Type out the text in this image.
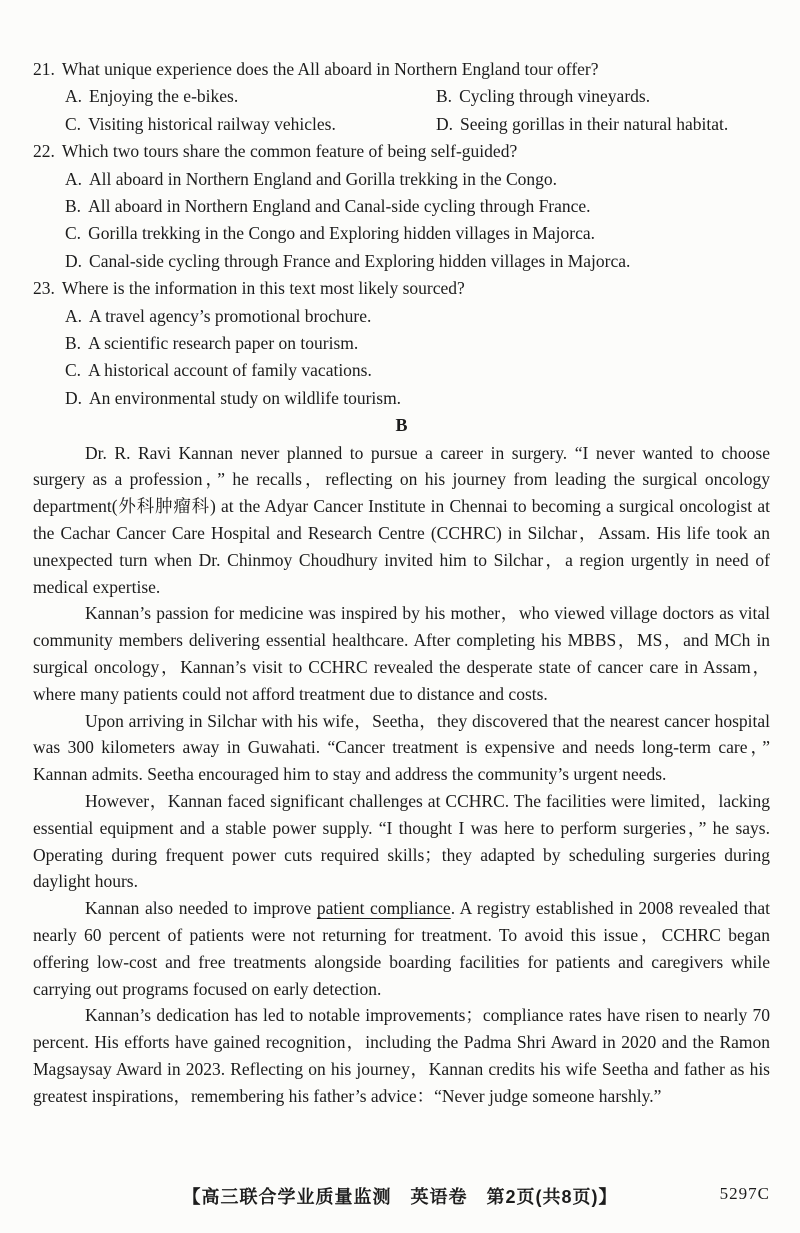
21. What unique experience does the All aboard in Northern England tour offer?
A. Enjoying the e-bikes.	B. Cycling through vineyards.
C. Visiting historical railway vehicles.	D. Seeing gorillas in their natural habitat.
22. Which two tours share the common feature of being self-guided?
A. All aboard in Northern England and Gorilla trekking in the Congo.
B. All aboard in Northern England and Canal-side cycling through France.
C. Gorilla trekking in the Congo and Exploring hidden villages in Majorca.
D. Canal-side cycling through France and Exploring hidden villages in Majorca.
23. Where is the information in this text most likely sourced?
A. A travel agency’s promotional brochure.
B. A scientific research paper on tourism.
C. A historical account of family vacations.
D. An environmental study on wildlife tourism.
B

Dr. R. Ravi Kannan never planned to pursue a career in surgery. “I never wanted to choose surgery as a profession，” he recalls，reflecting on his journey from leading the surgical oncology department(外科肿瘤科) at the Adyar Cancer Institute in Chennai to becoming a surgical oncologist at the Cachar Cancer Care Hospital and Research Centre (CCHRC) in Silchar，Assam. His life took an unexpected turn when Dr. Chinmoy Choudhury invited him to Silchar，a region urgently in need of medical expertise.

Kannan’s passion for medicine was inspired by his mother，who viewed village doctors as vital community members delivering essential healthcare. After completing his MBBS，MS，and MCh in surgical oncology，Kannan’s visit to CCHRC revealed the desperate state of cancer care in Assam，where many patients could not afford treatment due to distance and costs.

Upon arriving in Silchar with his wife，Seetha，they discovered that the nearest cancer hospital was 300 kilometers away in Guwahati. “Cancer treatment is expensive and needs long-term care，” Kannan admits. Seetha encouraged him to stay and address the community’s urgent needs.

However，Kannan faced significant challenges at CCHRC. The facilities were limited，lacking essential equipment and a stable power supply. “I thought I was here to perform surgeries，” he says. Operating during frequent power cuts required skills；they adapted by scheduling surgeries during daylight hours.

Kannan also needed to improve patient compliance. A registry established in 2008 revealed that nearly 60 percent of patients were not returning for treatment. To avoid this issue，CCHRC began offering low-cost and free treatments alongside boarding facilities for patients and caregivers while carrying out programs focused on early detection.

Kannan’s dedication has led to notable improvements；compliance rates have risen to nearly 70 percent. His efforts have gained recognition，including the Padma Shri Award in 2020 and the Ramon Magsaysay Award in 2023. Reflecting on his journey，Kannan credits his wife Seetha and father as his greatest inspirations，remembering his father’s advice：“Never judge someone harshly.”

【高三联合学业质量监测　英语卷　第2页(共8页)】	5297C
